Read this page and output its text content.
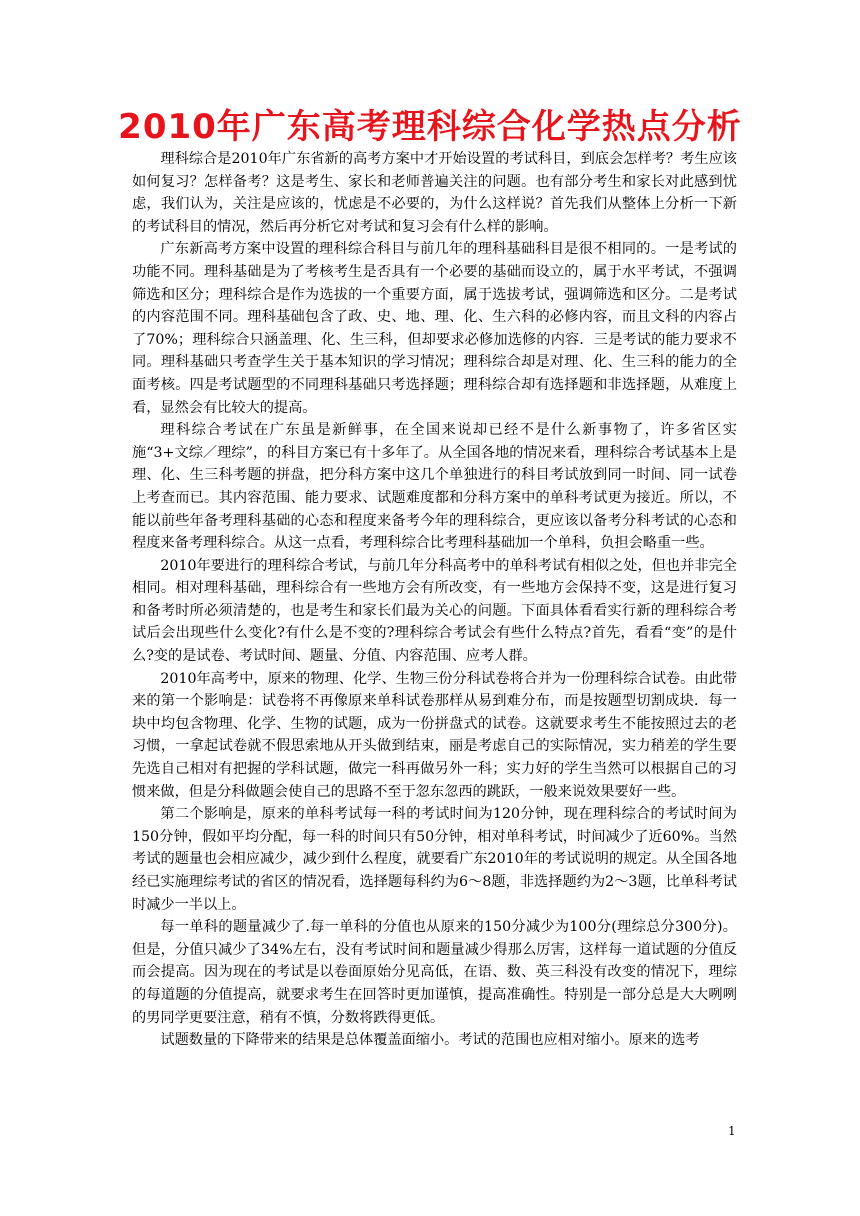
2010年广东高考理科综合化学热点分析

理科综合是2010年广东省新的高考方案中才开始设置的考试科目，到底会怎样考？考生应该如何复习？怎样备考？这是考生、家长和老师普遍关注的问题。也有部分考生和家长对此感到忧虑，我们认为，关注是应该的，忧虑是不必要的，为什么这样说？首先我们从整体上分析一下新的考试科目的情况，然后再分析它对考试和复习会有什么样的影响。

广东新高考方案中设置的理科综合科目与前几年的理科基础科目是很不相同的。一是考试的功能不同。理科基础是为了考核考生是否具有一个必要的基础而设立的，属于水平考试，不强调筛选和区分；理科综合是作为选拔的一个重要方面，属于选拔考试，强调筛选和区分。二是考试的内容范围不同。理科基础包含了政、史、地、理、化、生六科的必修内容，而且文科的内容占了70%；理科综合只涵盖理、化、生三科，但却要求必修加选修的内容．三是考试的能力要求不同。理科基础只考查学生关于基本知识的学习情况；理科综合却是对理、化、生三科的能力的全面考核。四是考试题型的不同理科基础只考选择题；理科综合却有选择题和非选择题，从难度上看，显然会有比较大的提高。

理科综合考试在广东虽是新鲜事，在全国来说却已经不是什么新事物了，许多省区实施“3+文综／理综”，的科目方案已有十多年了。从全国各地的情况来看，理科综合考试基本上是理、化、生三科考题的拼盘，把分科方案中这几个单独进行的科目考试放到同一时间、同一试卷上考查而已。其内容范围、能力要求、试题难度都和分科方案中的单科考试更为接近。所以，不能以前些年备考理科基础的心态和程度来备考今年的理科综合，更应该以备考分科考试的心态和程度来备考理科综合。从这一点看，考理科综合比考理科基础加一个单科，负担会略重一些。

2010年要进行的理科综合考试，与前几年分科高考中的单科考试有相似之处，但也并非完全相同。相对理科基础，理科综合有一些地方会有所改变，有一些地方会保持不变，这是进行复习和备考时所必须清楚的，也是考生和家长们最为关心的问题。下面具体看看实行新的理科综合考试后会出现些什么变化?有什么是不变的?理科综合考试会有些什么特点?首先，看看“变”的是什么?变的是试卷、考试时间、题量、分值、内容范围、应考人群。

2010年高考中，原来的物理、化学、生物三份分科试卷将合并为一份理科综合试卷。由此带来的第一个影响是：试卷将不再像原来单科试卷那样从易到难分布，而是按题型切割成块．每一块中均包含物理、化学、生物的试题，成为一份拼盘式的试卷。这就要求考生不能按照过去的老习惯，一拿起试卷就不假思索地从开头做到结束，丽是考虑自己的实际情况，实力稍差的学生要先选自己相对有把握的学科试题，做完一科再做另外一科；实力好的学生当然可以根据自己的习惯来做，但是分科做题会使自己的思路不至于忽东忽西的跳跃，一般来说效果要好一些。

第二个影响是，原来的单科考试每一科的考试时间为120分钟，现在理科综合的考试时间为150分钟，假如平均分配，每一科的时间只有50分钟，相对单科考试，时间减少了近60%。当然考试的题量也会相应减少，减少到什么程度，就要看广东2010年的考试说明的规定。从全国各地经已实施理综考试的省区的情况看，选择题每科约为6～8题，非选择题约为2～3题，比单科考试时减少一半以上。

每一单科的题量减少了.每一单科的分值也从原来的150分减少为100分(理综总分300分)。但是，分值只减少了34%左右，没有考试时间和题量减少得那么厉害，这样每一道试题的分值反而会提高。因为现在的考试是以卷面原始分见高低，在语、数、英三科没有改变的情况下，理综的每道题的分值提高，就要求考生在回答时更加谨慎，提高准确性。特别是一部分总是大大咧咧的男同学更要注意，稍有不慎，分数将跌得更低。

试题数量的下降带来的结果是总体覆盖面缩小。考试的范围也应相对缩小。原来的选考

1
